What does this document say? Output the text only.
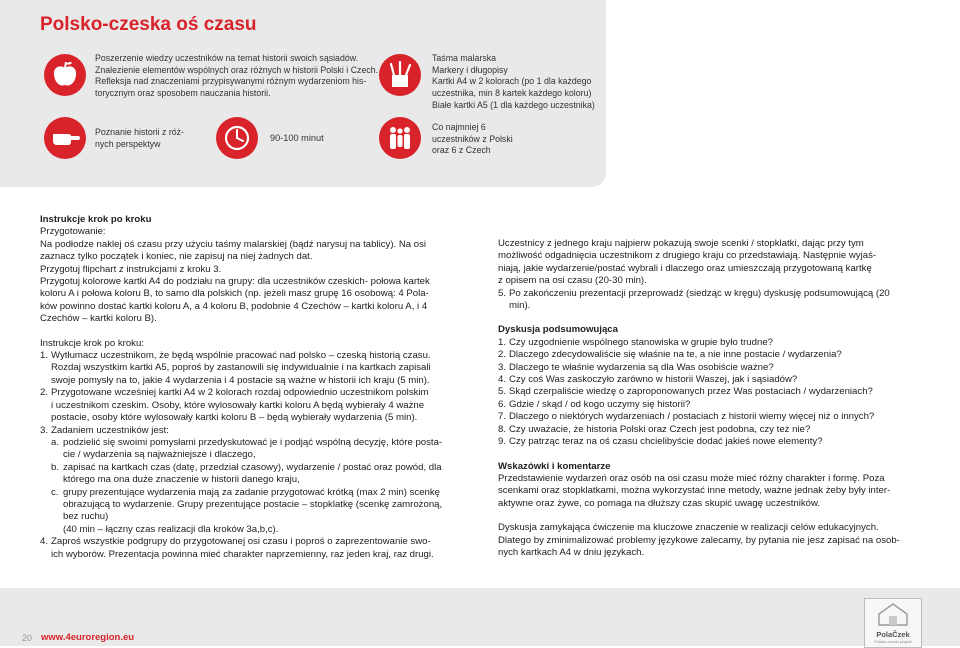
Polsko-czeska oś czasu
Poszerzenie wiedzy uczestników na temat historii swoich sąsiadów.
Znalezienie elementów wspólnych oraz różnych w historii Polski i Czech.
Refleksja nad znaczeniami przypisywanymi różnym wydarzeniom his-
torycznym oraz sposobem nauczania historii.
Taśma malarska
Markery i długopisy
Kartki A4 w 2 kolorach (po 1 dla każdego
uczestnika, min 8 kartek każdego koloru)
Białe kartki A5 (1 dla każdego uczestnika)
Poznanie historii z róż-
nych perspektyw
90-100 minut
Co najmniej 6
uczestników z Polski
oraz 6 z Czech
Instrukcje krok po kroku
Przygotowanie:
Na podłodze naklej oś czasu przy użyciu taśmy malarskiej (bądź narysuj na tablicy). Na osi
zaznacz tylko początek i koniec, nie zapisuj na niej żadnych dat.
Przygotuj flipchart z instrukcjami z kroku 3.
Przygotuj kolorowe kartki A4 do podziału na grupy: dla uczestników czeskich- połowa kartek
koloru A i połowa koloru B, to samo dla polskich (np. jeżeli masz grupę 16 osobową: 4 Pola-
ków powinno dostać kartki koloru A, a 4 koloru B, podobnie 4 Czechów – kartki koloru A, i 4
Czechów – kartki koloru B).
Instrukcje krok po kroku:
1. Wytłumacz uczestnikom, że będą wspólnie pracować nad polsko – czeską historią czasu.
Rozdaj wszystkim kartki A5, poproś by zastanowili się indywidualnie i na kartkach zapisali
swoje pomysły na to, jakie 4 wydarzenia i 4 postacie są ważne w historii ich kraju (5 min).
2. Przygotowane wcześniej kartki A4 w 2 kolorach rozdaj odpowiednio uczestnikom polskim
i uczestnikom czeskim. Osoby, które wylosowały kartki koloru A będą wybierały 4 ważne
postacie, osoby które wylosowały kartki koloru B – będą wybierały wydarzenia (5 min).
3. Zadaniem uczestników jest:
a. podzielić się swoimi pomysłami przedyskutować je i podjąć wspólną decyzję, które posta-
cie / wydarzenia są najważniejsze i dlaczego,
b. zapisać na kartkach czas (datę, przedział czasowy), wydarzenie / postać oraz powód, dla
którego ma ona duże znaczenie w historii danego kraju,
c. grupy prezentujące wydarzenia mają za zadanie przygotować krótką (max 2 min) scenkę
obrazującą to wydarzenie. Grupy prezentujące postacie – stopklatkę (scenkę zamrożoną,
bez ruchu)
(40 min – łączny czas realizacji dla kroków 3a,b,c).
4. Zaproś wszystkie podgrupy do przygotowanej osi czasu i poproś o zaprezentowanie swo-
ich wyborów. Prezentacja powinna mieć charakter naprzemienny, raz jeden kraj, raz drugi.
Uczestnicy z jednego kraju najpierw pokazują swoje scenki / stopklatki, dając przy tym
możliwość odgadnięcia uczestnikom z drugiego kraju co przedstawiają. Następnie wyjaś-
niają, jakie wydarzenie/postać wybrali i dlaczego oraz umieszczają przygotowaną kartkę
z opisem na osi czasu (20-30 min).
5. Po zakończeniu prezentacji przeprowadź (siedząc w kręgu) dyskusję podsumowującą (20
min).
Dyskusja podsumowująca
1. Czy uzgodnienie wspólnego stanowiska w grupie było trudne?
2. Dlaczego zdecydowaliście się właśnie na te, a nie inne postacie / wydarzenia?
3. Dlaczego te właśnie wydarzenia są dla Was osobiście ważne?
4. Czy coś Was zaskoczyło zarówno w historii Waszej, jak i sąsiadów?
5. Skąd czerpaliście wiedzę o zaproponowanych przez Was postaciach / wydarzeniach?
6. Gdzie / skąd / od kogo uczymy się historii?
7. Dlaczego o niektórych wydarzeniach / postaciach z historii wiemy więcej niż o innych?
8. Czy uważacie, że historia Polski oraz Czech jest podobna, czy też nie?
9. Czy patrząc teraz na oś czasu chcielibyście dodać jakieś nowe elementy?
Wskazówki i komentarze
Przedstawienie wydarzeń oraz osób na osi czasu może mieć różny charakter i formę. Poza
scenkami oraz stopklatkami, można wykorzystać inne metody, ważne jednak żeby były inter-
aktywne oraz żywe, co pomaga na dłuższy czas skupić uwagę uczestników.
Dyskusja zamykająca ćwiczenie ma kluczowe znaczenie w realizacji celów edukacyjnych.
Dlatego by zminimalizować problemy językowe zalecamy, by pytania nie jesz zapisać na osob-
nych kartkach A4 w dniu językach.
20 www.4euroregion.eu	PolaČzek
Polsko-czeski projekt
